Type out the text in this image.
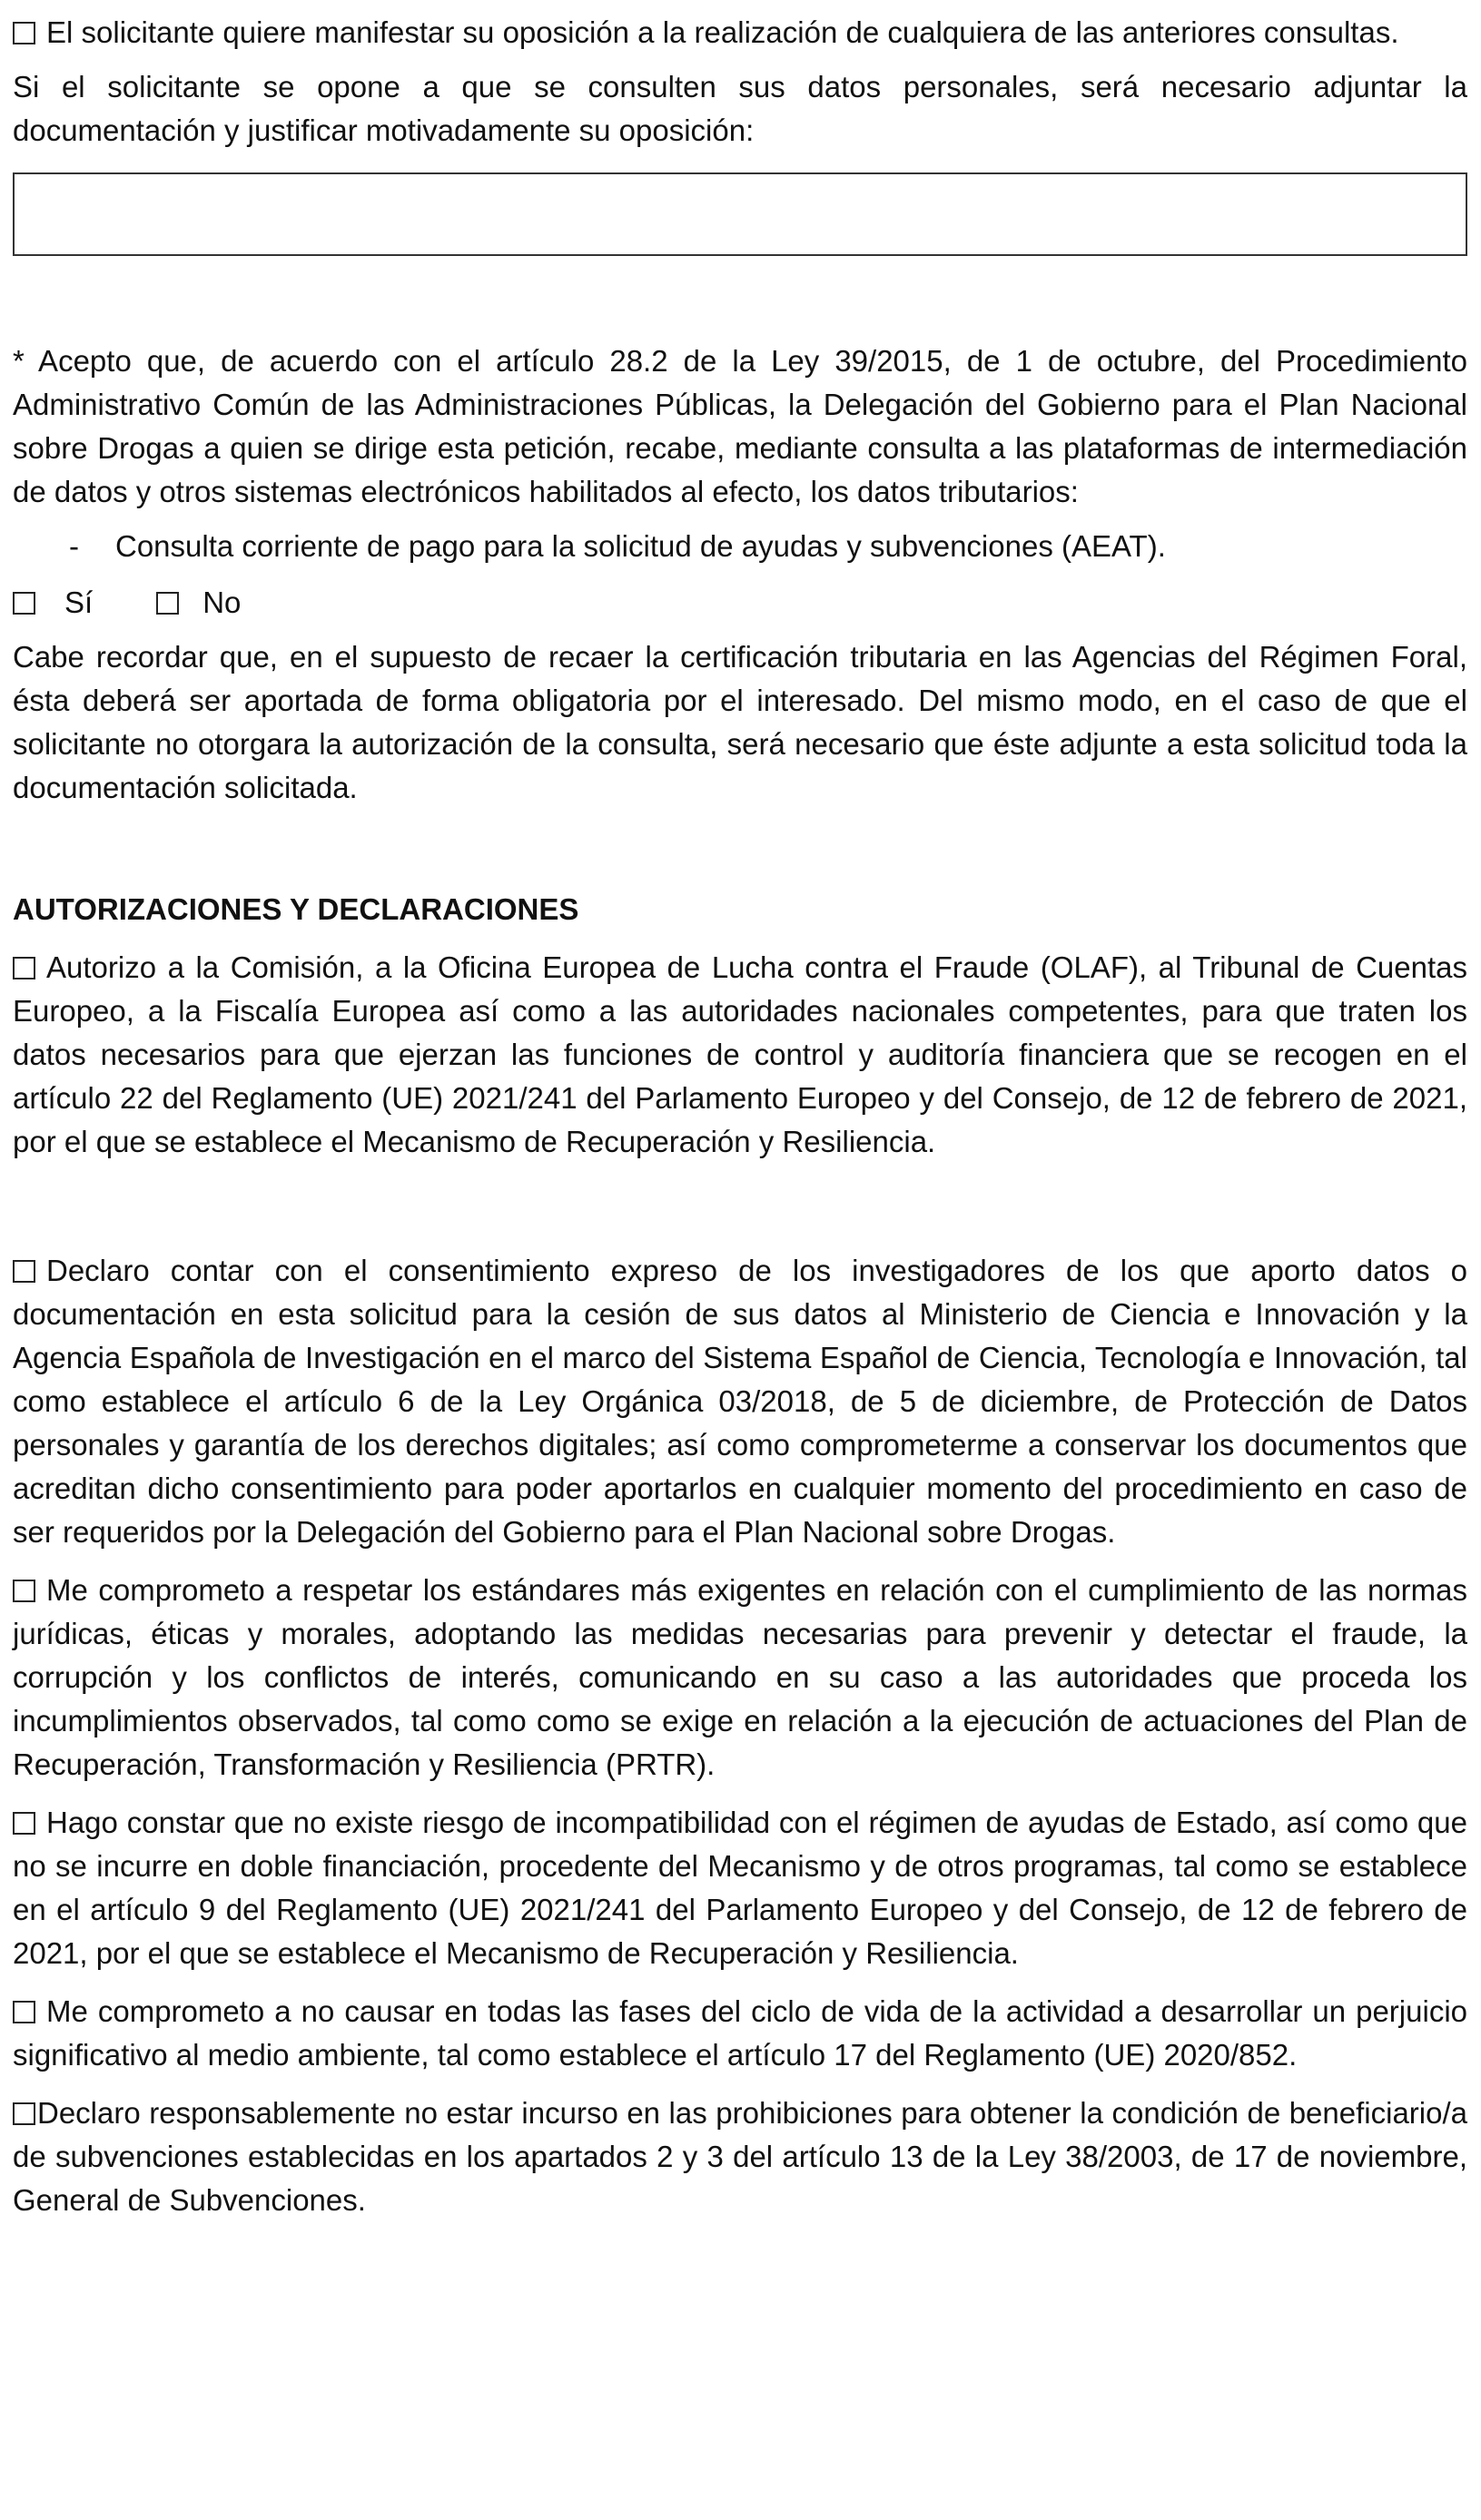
El solicitante quiere manifestar su oposición a la realización de cualquiera de las anteriores consultas.

Si el solicitante se opone a que se consulten sus datos personales, será necesario adjuntar la documentación y justificar motivadamente su oposición:

* Acepto que, de acuerdo con el artículo 28.2 de la Ley 39/2015, de 1 de octubre, del Procedimiento Administrativo Común de las Administraciones Públicas, la Delegación del Gobierno para el Plan Nacional sobre Drogas a quien se dirige esta petición, recabe, mediante consulta a las plataformas de intermediación de datos y otros sistemas electrónicos habilitados al efecto, los datos tributarios:

-	Consulta corriente de pago para la solicitud de ayudas y subvenciones (AEAT).
Sí	No

Cabe recordar que, en el supuesto de recaer la certificación tributaria en las Agencias del Régimen Foral, ésta deberá ser aportada de forma obligatoria por el interesado. Del mismo modo, en el caso de que el solicitante no otorgara la autorización de la consulta, será necesario que éste adjunte a esta solicitud toda la documentación solicitada.

AUTORIZACIONES Y DECLARACIONES

Autorizo a la Comisión, a la Oficina Europea de Lucha contra el Fraude (OLAF), al Tribunal de Cuentas Europeo, a la Fiscalía Europea así como a las autoridades nacionales competentes, para que traten los datos necesarios para que ejerzan las funciones de control y auditoría financiera que se recogen en el artículo 22 del Reglamento (UE) 2021/241 del Parlamento Europeo y del Consejo, de 12 de febrero de 2021, por el que se establece el Mecanismo de Recuperación y Resiliencia.

Declaro contar con el consentimiento expreso de los investigadores de los que aporto datos o documentación en esta solicitud para la cesión de sus datos al Ministerio de Ciencia e Innovación y la Agencia Española de Investigación en el marco del Sistema Español de Ciencia, Tecnología e Innovación, tal como establece el artículo 6 de la Ley Orgánica 03/2018, de 5 de diciembre, de Protección de Datos personales y garantía de los derechos digitales; así como comprometerme a conservar los documentos que acreditan dicho consentimiento para poder aportarlos en cualquier momento del procedimiento en caso de ser requeridos por la Delegación del Gobierno para el Plan Nacional sobre Drogas.

Me comprometo a respetar los estándares más exigentes en relación con el cumplimiento de las normas jurídicas, éticas y morales, adoptando las medidas necesarias para prevenir y detectar el fraude, la corrupción y los conflictos de interés, comunicando en su caso a las autoridades que proceda los incumplimientos observados, tal como como se exige en relación a la ejecución de actuaciones del Plan de Recuperación, Transformación y Resiliencia (PRTR).

Hago constar que no existe riesgo de incompatibilidad con el régimen de ayudas de Estado, así como que no se incurre en doble financiación, procedente del Mecanismo y de otros programas, tal como se establece en el artículo 9 del Reglamento (UE) 2021/241 del Parlamento Europeo y del Consejo, de 12 de febrero de 2021, por el que se establece el Mecanismo de Recuperación y Resiliencia.

Me comprometo a no causar en todas las fases del ciclo de vida de la actividad a desarrollar un perjuicio significativo al medio ambiente, tal como establece el artículo 17 del Reglamento (UE) 2020/852.

Declaro responsablemente no estar incurso en las prohibiciones para obtener la condición de beneficiario/a de subvenciones establecidas en los apartados 2 y 3 del artículo 13 de la Ley 38/2003, de 17 de noviembre, General de Subvenciones.
